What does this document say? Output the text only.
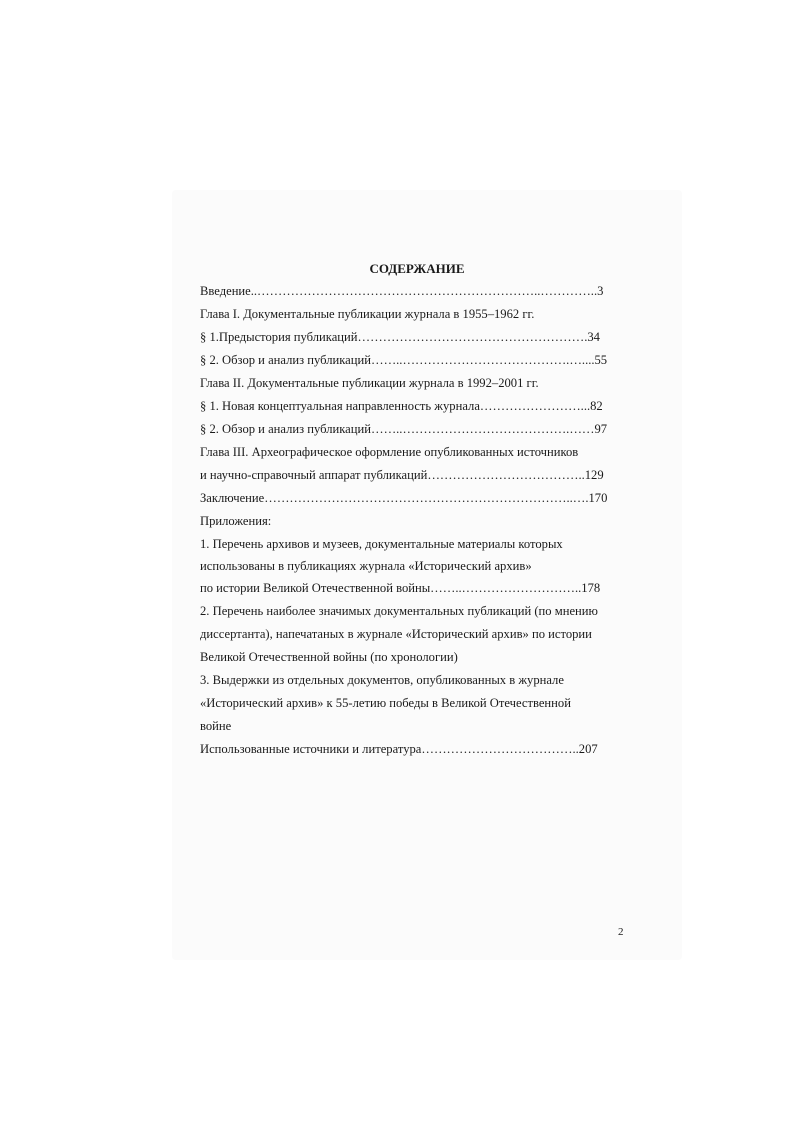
СОДЕРЖАНИЕ
Введение..…………………………………………………………..…………..3
Глава I. Документальные публикации журнала в 1955–1962 гг.
§ 1.Предыстория публикаций……………………………………………….34
§ 2. Обзор и анализ публикаций……..………………………………….…....55
Глава II. Документальные публикации журнала в 1992–2001 гг.
§ 1. Новая концептуальная направленность журнала……………………...82
§ 2. Обзор и анализ публикаций……..………………………………….……97
Глава III. Археографическое оформление опубликованных источников
и научно-справочный аппарат публикаций………………………………..129
Заключение………………………………………………………………..….170
Приложения:
1. Перечень архивов и музеев, документальные материалы которых
использованы в публикациях журнала «Исторический архив»
по истории Великой Отечественной войны……..………………………..178
2. Перечень наиболее значимых документальных публикаций (по мнению
диссертанта), напечатаных в журнале «Исторический архив» по истории
Великой Отечественной войны (по хронологии)
3. Выдержки из отдельных документов, опубликованных в журнале
«Исторический архив» к 55-летию победы в Великой Отечественной
войне
Использованные источники и литература………………………………..207
2
